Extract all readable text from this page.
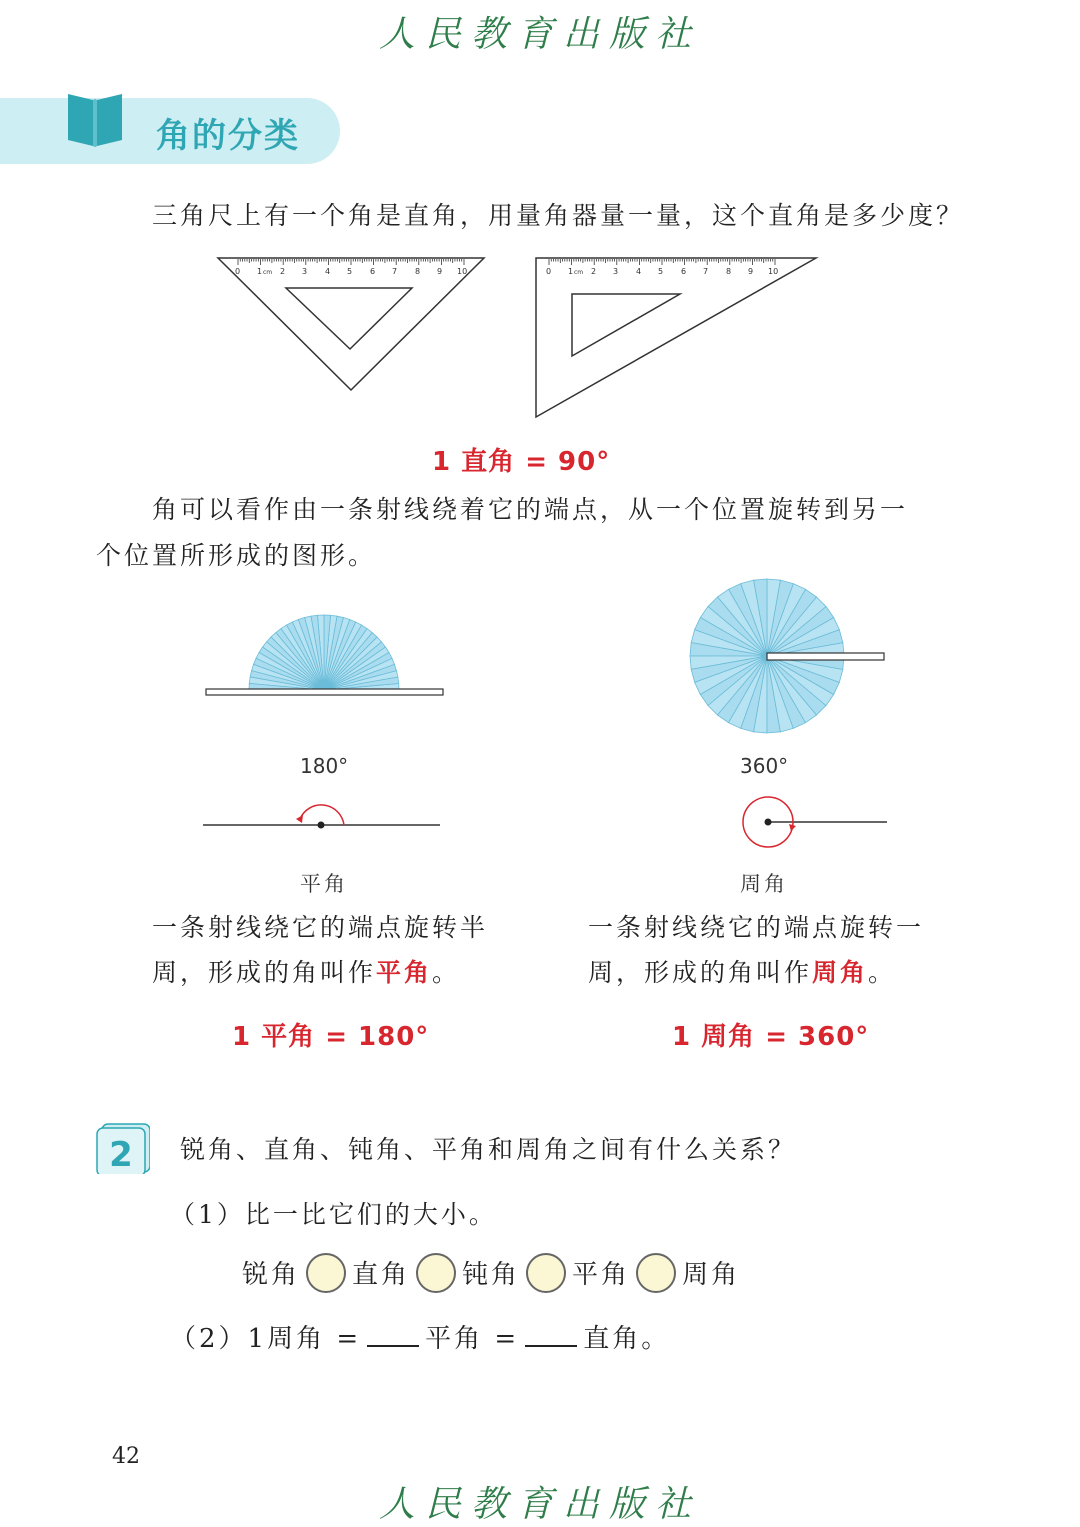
人民教育出版社
角的分类
三角尺上有一个角是直角，用量角器量一量，这个直角是多少度？
0 1 2 3 4 5 6 7 8 9 10
cm	0 1 2 3 4 5 6 7 8 9 10
cm
1 直角 = 90°
角可以看作由一条射线绕着它的端点，从一个位置旋转到另一
个位置所形成的图形。
180°	360°
平角	周角
一条射线绕它的端点旋转半
周，形成的角叫作平角。
一条射线绕它的端点旋转一
周，形成的角叫作周角。
1 平角 = 180°	1 周角 = 360°
2 锐角、直角、钝角、平角和周角之间有什么关系？
（1）比一比它们的大小。
锐角 直角 钝角 平角 周角
（2）1周角 = 平角 = 直角。
42
人民教育出版社
